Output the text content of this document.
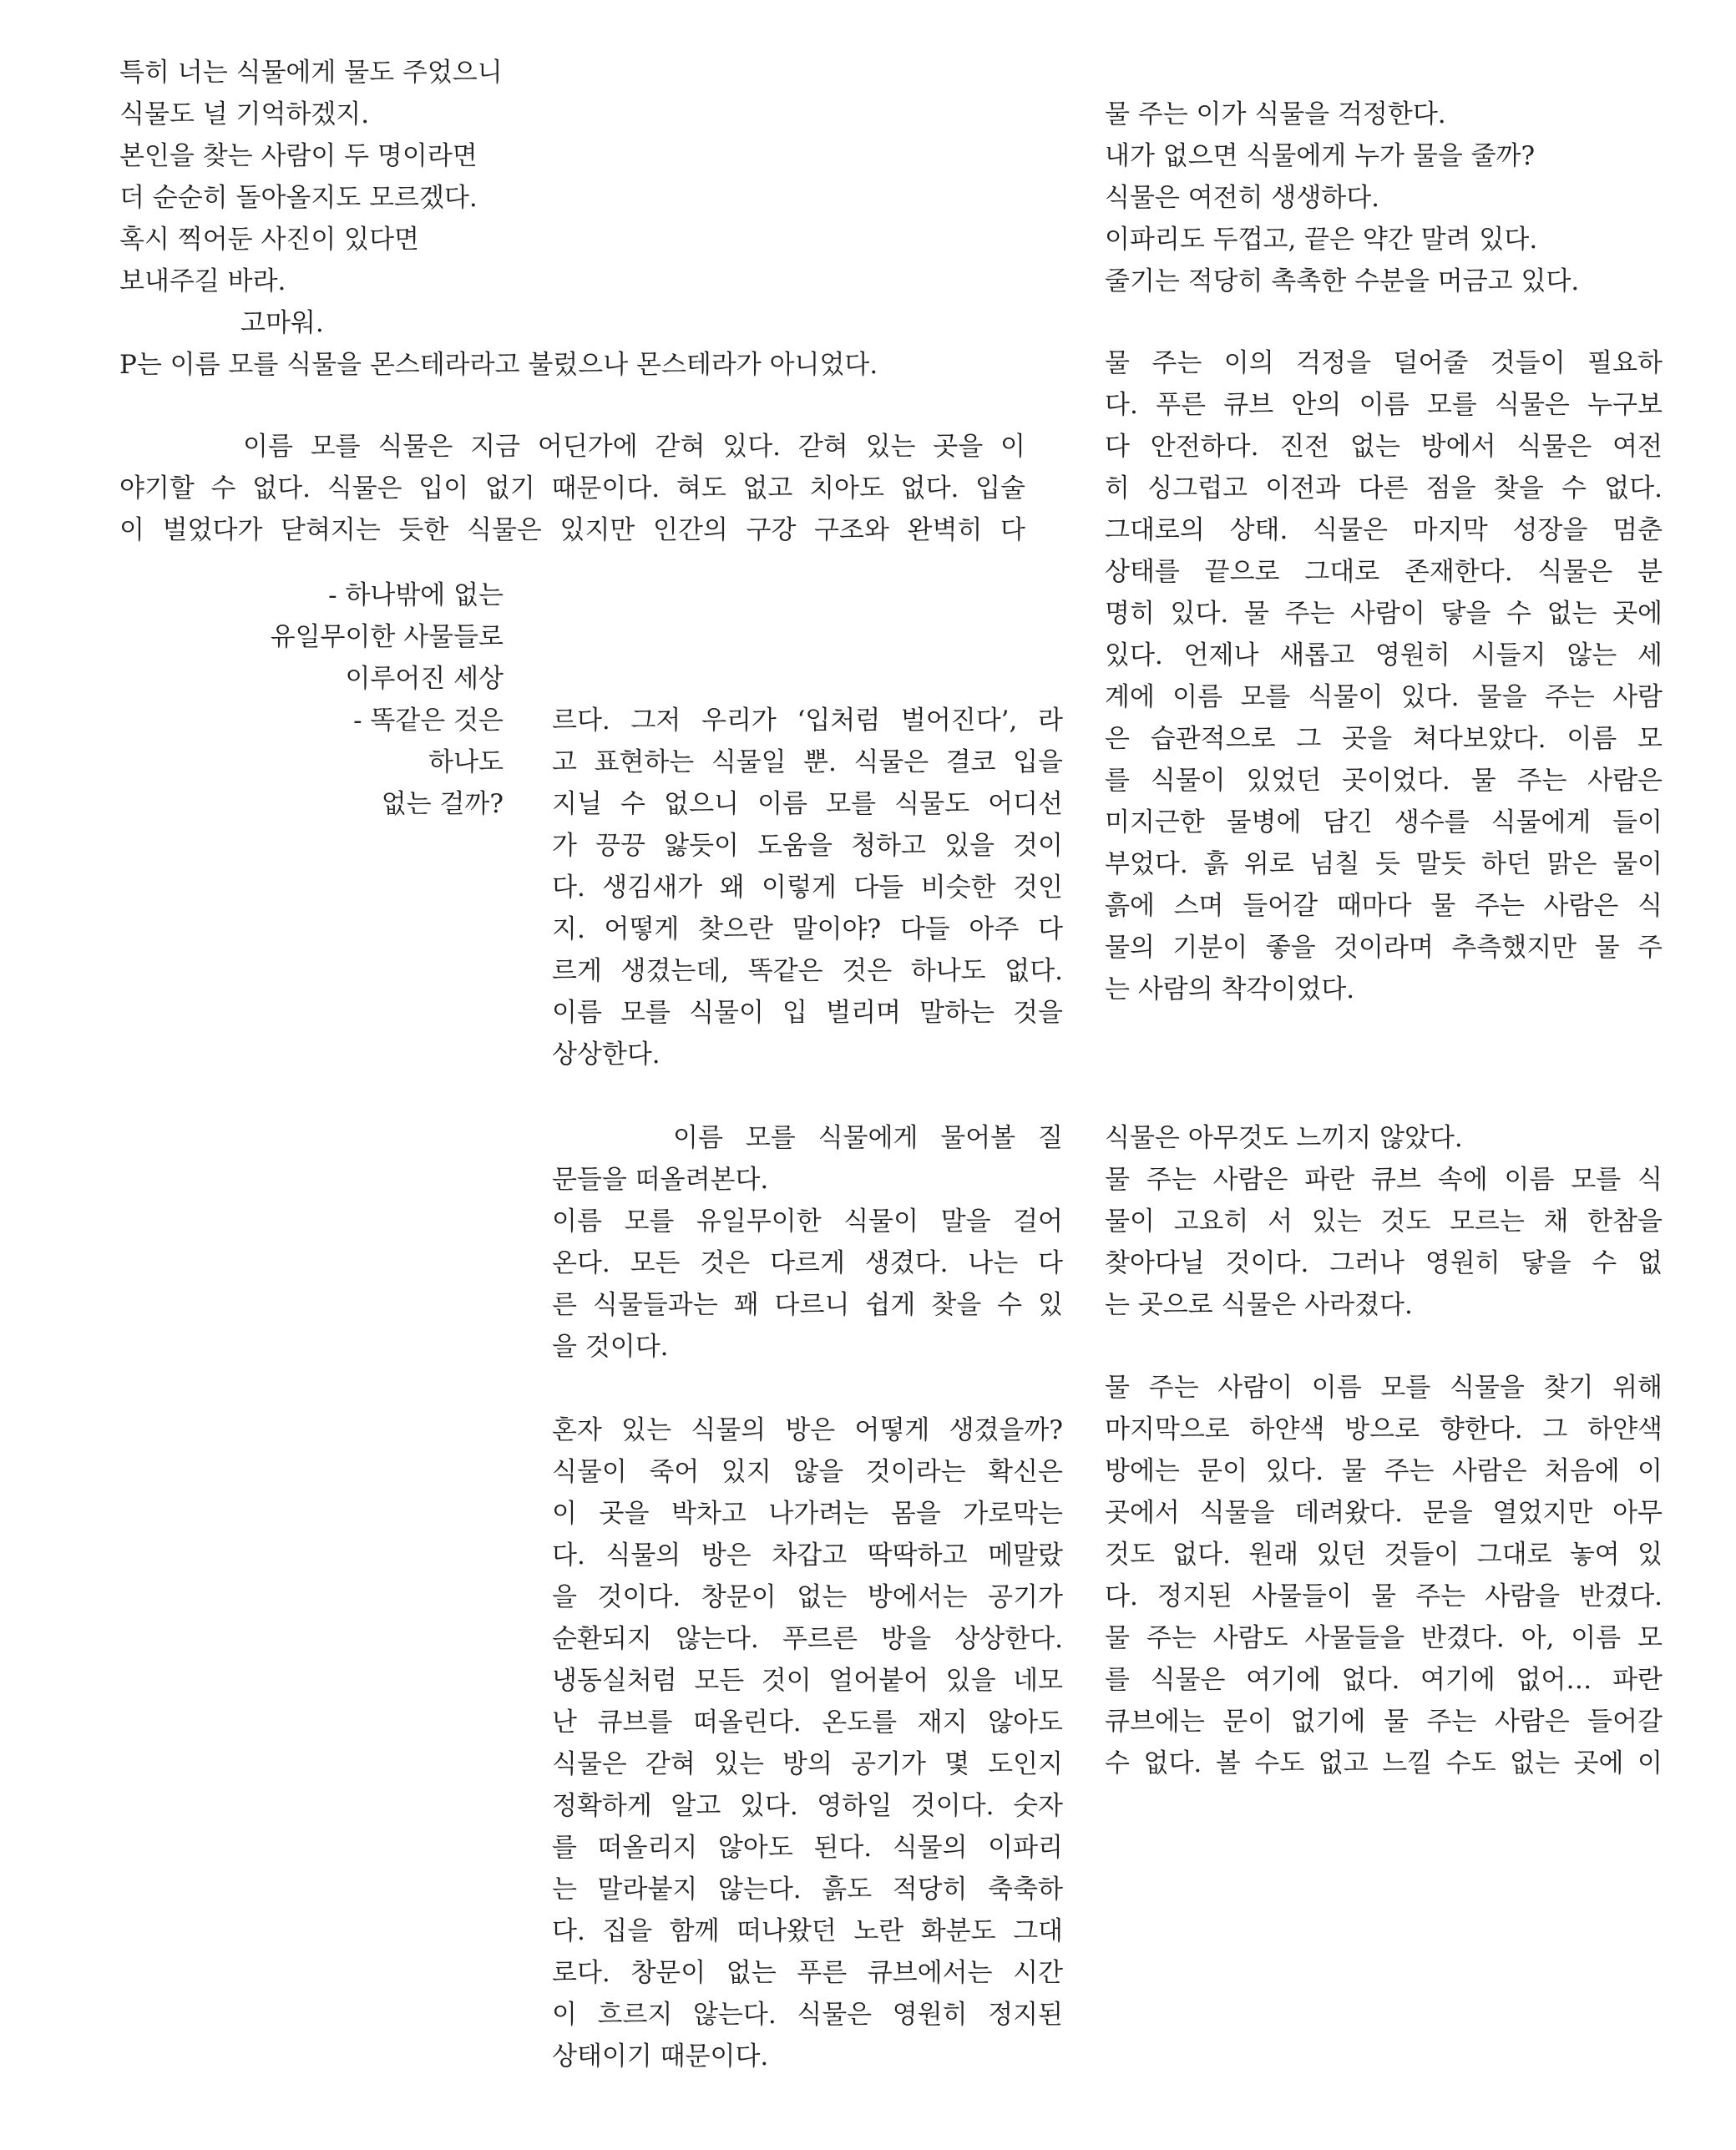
특히 너는 식물에게 물도 주었으니
식물도 널 기억하겠지.
본인을 찾는 사람이 두 명이라면
더 순순히 돌아올지도 모르겠다.
혹시 찍어둔 사진이 있다면
보내주길 바라.
고마워.
P는 이름 모를 식물을 몬스테라라고 불렀으나 몬스테라가 아니었다.
이름 모를 식물은 지금 어딘가에 갇혀 있다. 갇혀 있는 곳을 이
야기할 수 없다. 식물은 입이 없기 때문이다. 혀도 없고 치아도 없다. 입술
이 벌었다가 닫혀지는 듯한 식물은 있지만 인간의 구강 구조와 완벽히 다
- 하나밖에 없는
유일무이한 사물들로
이루어진 세상
- 똑같은 것은
하나도
없는 걸까?
르다. 그저 우리가 ‘입처럼 벌어진다’, 라
고 표현하는 식물일 뿐. 식물은 결코 입을
지닐 수 없으니 이름 모를 식물도 어디선
가 끙끙 앓듯이 도움을 청하고 있을 것이
다. 생김새가 왜 이렇게 다들 비슷한 것인
지. 어떻게 찾으란 말이야? 다들 아주 다
르게 생겼는데, 똑같은 것은 하나도 없다.
이름 모를 식물이 입 벌리며 말하는 것을
상상한다.
이름 모를 식물에게 물어볼 질
문들을 떠올려본다.
이름 모를 유일무이한 식물이 말을 걸어
온다. 모든 것은 다르게 생겼다. 나는 다
른 식물들과는 꽤 다르니 쉽게 찾을 수 있
을 것이다.
혼자 있는 식물의 방은 어떻게 생겼을까?
식물이 죽어 있지 않을 것이라는 확신은
이 곳을 박차고 나가려는 몸을 가로막는
다. 식물의 방은 차갑고 딱딱하고 메말랐
을 것이다. 창문이 없는 방에서는 공기가
순환되지 않는다. 푸르른 방을 상상한다.
냉동실처럼 모든 것이 얼어붙어 있을 네모
난 큐브를 떠올린다. 온도를 재지 않아도
식물은 갇혀 있는 방의 공기가 몇 도인지
정확하게 알고 있다. 영하일 것이다. 숫자
를 떠올리지 않아도 된다. 식물의 이파리
는 말라붙지 않는다. 흙도 적당히 축축하
다. 집을 함께 떠나왔던 노란 화분도 그대
로다. 창문이 없는 푸른 큐브에서는 시간
이 흐르지 않는다. 식물은 영원히 정지된
상태이기 때문이다.
물 주는 이가 식물을 걱정한다.
내가 없으면 식물에게 누가 물을 줄까?
식물은 여전히 생생하다.
이파리도 두껍고, 끝은 약간 말려 있다.
줄기는 적당히 촉촉한 수분을 머금고 있다.
물 주는 이의 걱정을 덜어줄 것들이 필요하
다. 푸른 큐브 안의 이름 모를 식물은 누구보
다 안전하다. 진전 없는 방에서 식물은 여전
히 싱그럽고 이전과 다른 점을 찾을 수 없다.
그대로의 상태. 식물은 마지막 성장을 멈춘
상태를 끝으로 그대로 존재한다. 식물은 분
명히 있다. 물 주는 사람이 닿을 수 없는 곳에
있다. 언제나 새롭고 영원히 시들지 않는 세
계에 이름 모를 식물이 있다. 물을 주는 사람
은 습관적으로 그 곳을 쳐다보았다. 이름 모
를 식물이 있었던 곳이었다. 물 주는 사람은
미지근한 물병에 담긴 생수를 식물에게 들이
부었다. 흙 위로 넘칠 듯 말듯 하던 맑은 물이
흙에 스며 들어갈 때마다 물 주는 사람은 식
물의 기분이 좋을 것이라며 추측했지만 물 주
는 사람의 착각이었다.
식물은 아무것도 느끼지 않았다.
물 주는 사람은 파란 큐브 속에 이름 모를 식
물이 고요히 서 있는 것도 모르는 채 한참을
찾아다닐 것이다. 그러나 영원히 닿을 수 없
는 곳으로 식물은 사라졌다.
물 주는 사람이 이름 모를 식물을 찾기 위해
마지막으로 하얀색 방으로 향한다. 그 하얀색
방에는 문이 있다. 물 주는 사람은 처음에 이
곳에서 식물을 데려왔다. 문을 열었지만 아무
것도 없다. 원래 있던 것들이 그대로 놓여 있
다. 정지된 사물들이 물 주는 사람을 반겼다.
물 주는 사람도 사물들을 반겼다. 아, 이름 모
를 식물은 여기에 없다. 여기에 없어… 파란
큐브에는 문이 없기에 물 주는 사람은 들어갈
수 없다. 볼 수도 없고 느낄 수도 없는 곳에 이
